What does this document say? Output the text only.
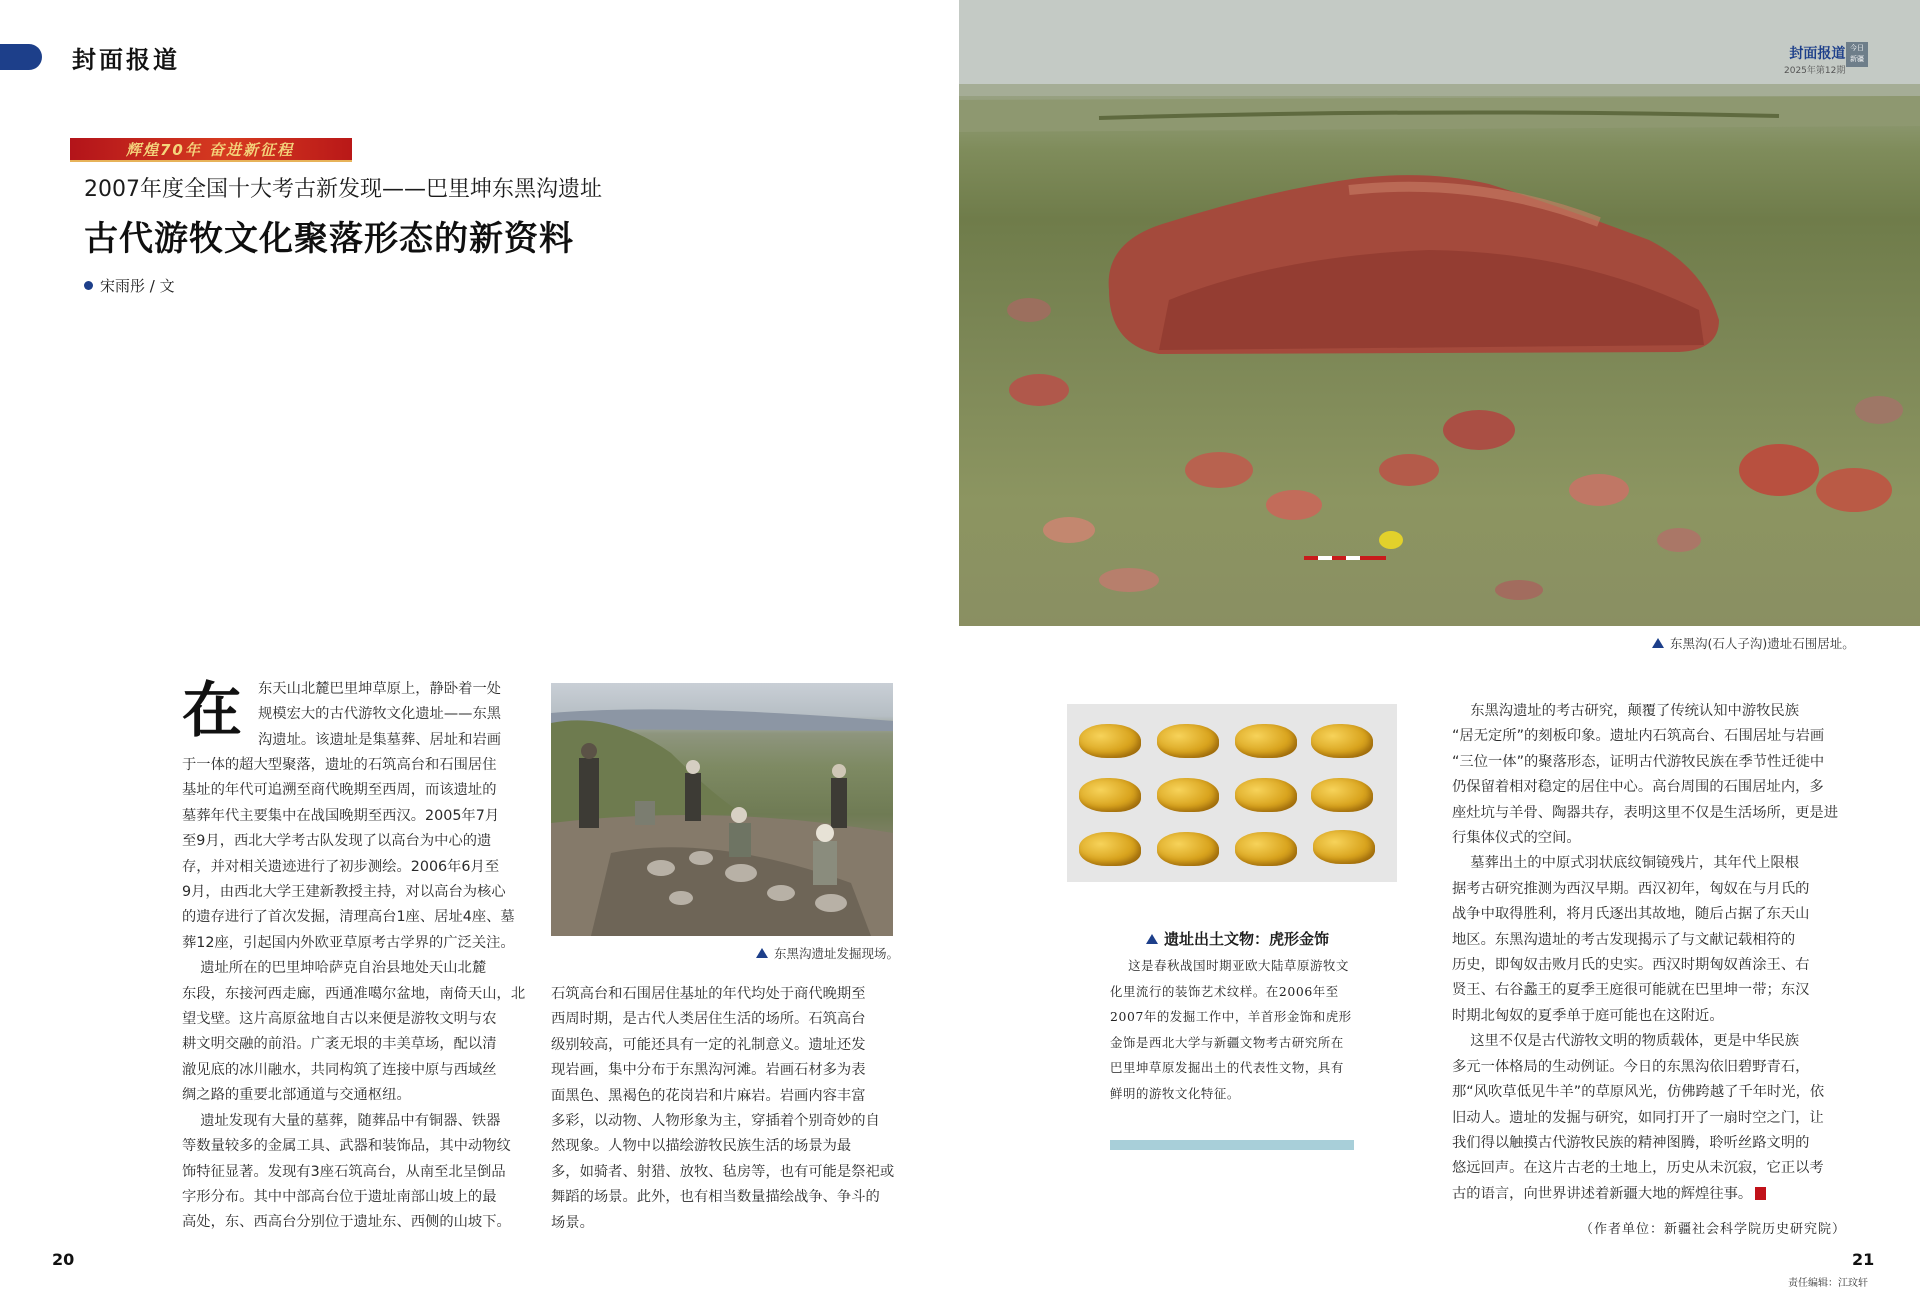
封面报道
辉煌70年 奋进新征程
2007年度全国十大考古新发现——巴里坤东黑沟遗址
古代游牧文化聚落形态的新资料
宋雨彤 / 文
东黑沟(石人子沟)遗址石围居址。
封面报道
2025年第12期
今日
新疆
在 东天山北麓巴里坤草原上，静卧着一处
规模宏大的古代游牧文化遗址——东黑
沟遗址。该遗址是集墓葬、居址和岩画

于一体的超大型聚落，遗址的石筑高台和石围居住
基址的年代可追溯至商代晚期至西周，而该遗址的
墓葬年代主要集中在战国晚期至西汉。2005年7月
至9月，西北大学考古队发现了以高台为中心的遗
存，并对相关遗迹进行了初步测绘。2006年6月至
9月，由西北大学王建新教授主持，对以高台为核心
的遗存进行了首次发掘，清理高台1座、居址4座、墓
葬12座，引起国内外欧亚草原考古学界的广泛关注。
遗址所在的巴里坤哈萨克自治县地处天山北麓
东段，东接河西走廊，西通准噶尔盆地，南倚天山，北
望戈壁。这片高原盆地自古以来便是游牧文明与农
耕文明交融的前沿。广袤无垠的丰美草场，配以清
澈见底的冰川融水，共同构筑了连接中原与西域丝
绸之路的重要北部通道与交通枢纽。
遗址发现有大量的墓葬，随葬品中有铜器、铁器
等数量较多的金属工具、武器和装饰品，其中动物纹
饰特征显著。发现有3座石筑高台，从南至北呈倒品
字形分布。其中中部高台位于遗址南部山坡上的最
高处，东、西高台分别位于遗址东、西侧的山坡下。

东黑沟遗址发掘现场。

石筑高台和石围居住基址的年代均处于商代晚期至
西周时期，是古代人类居住生活的场所。石筑高台
级别较高，可能还具有一定的礼制意义。遗址还发
现岩画，集中分布于东黑沟河滩。岩画石材多为表
面黑色、黑褐色的花岗岩和片麻岩。岩画内容丰富
多彩，以动物、人物形象为主，穿插着个别奇妙的自
然现象。人物中以描绘游牧民族生活的场景为最
多，如骑者、射猎、放牧、毡房等，也有可能是祭祀或
舞蹈的场景。此外，也有相当数量描绘战争、争斗的
场景。

遗址出土文物：虎形金饰

这是春秋战国时期亚欧大陆草原游牧文化里流行的装饰艺术纹样。在2006年至2007年的发掘工作中，羊首形金饰和虎形金饰是西北大学与新疆文物考古研究所在巴里坤草原发掘出土的代表性文物，具有鲜明的游牧文化特征。

东黑沟遗址的考古研究，颠覆了传统认知中游牧民族
“居无定所”的刻板印象。遗址内石筑高台、石围居址与岩画
“三位一体”的聚落形态，证明古代游牧民族在季节性迁徙中
仍保留着相对稳定的居住中心。高台周围的石围居址内，多
座灶坑与羊骨、陶器共存，表明这里不仅是生活场所，更是进
行集体仪式的空间。
墓葬出土的中原式羽状底纹铜镜残片，其年代上限根
据考古研究推测为西汉早期。西汉初年，匈奴在与月氏的
战争中取得胜利，将月氏逐出其故地，随后占据了东天山
地区。东黑沟遗址的考古发现揭示了与文献记载相符的
历史，即匈奴击败月氏的史实。西汉时期匈奴酋涂王、右
贤王、右谷蠡王的夏季王庭很可能就在巴里坤一带；东汉
时期北匈奴的夏季单于庭可能也在这附近。
这里不仅是古代游牧文明的物质载体，更是中华民族
多元一体格局的生动例证。今日的东黑沟依旧碧野青石，
那“风吹草低见牛羊”的草原风光，仿佛跨越了千年时光，依
旧动人。遗址的发掘与研究，如同打开了一扇时空之门，让
我们得以触摸古代游牧民族的精神图腾，聆听丝路文明的
悠远回声。在这片古老的土地上，历史从未沉寂，它正以考
古的语言，向世界讲述着新疆大地的辉煌往事。

（作者单位：新疆社会科学院历史研究院）
责任编辑：江玟轩
20	21
